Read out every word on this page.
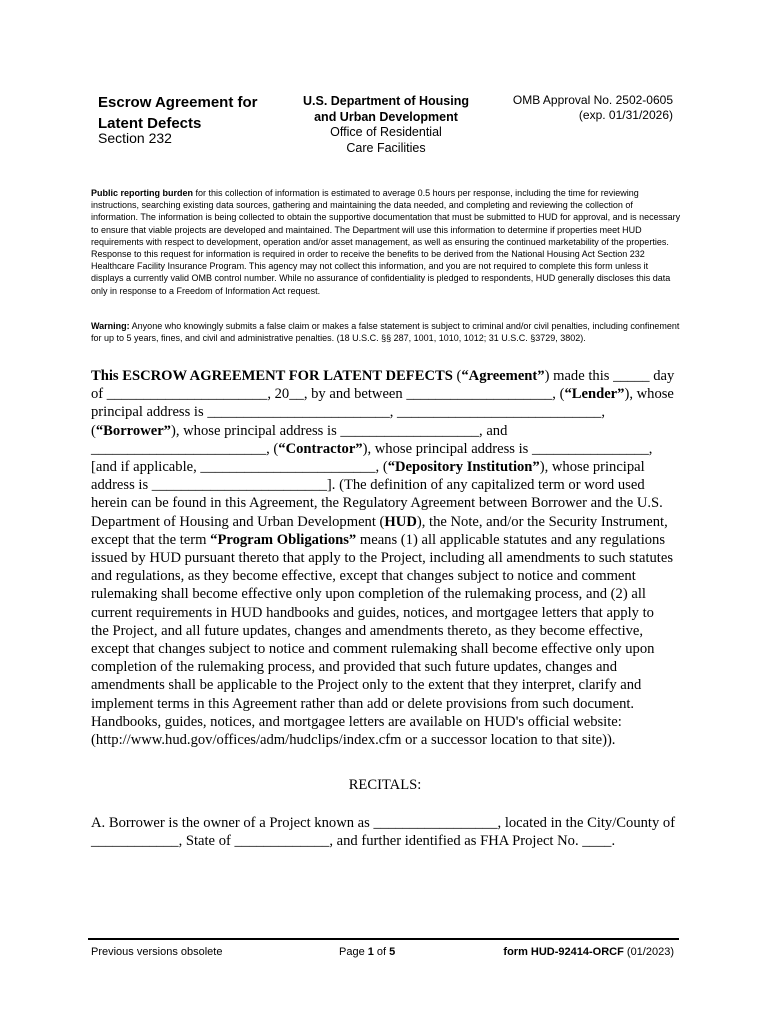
Escrow Agreement for Latent Defects
Section 232
U.S. Department of Housing
and Urban Development
Office of Residential
Care Facilities
OMB Approval No. 2502-0605
(exp. 01/31/2026)
Public reporting burden for this collection of information is estimated to average 0.5 hours per response, including the time for reviewing instructions, searching existing data sources, gathering and maintaining the data needed, and completing and reviewing the collection of information. The information is being collected to obtain the supportive documentation that must be submitted to HUD for approval, and is necessary to ensure that viable projects are developed and maintained. The Department will use this information to determine if properties meet HUD requirements with respect to development, operation and/or asset management, as well as ensuring the continued marketability of the properties. Response to this request for information is required in order to receive the benefits to be derived from the National Housing Act Section 232 Healthcare Facility Insurance Program. This agency may not collect this information, and you are not required to complete this form unless it displays a currently valid OMB control number. While no assurance of confidentiality is pledged to respondents, HUD generally discloses this data only in response to a Freedom of Information Act request.
Warning: Anyone who knowingly submits a false claim or makes a false statement is subject to criminal and/or civil penalties, including confinement for up to 5 years, fines, and civil and administrative penalties. (18 U.S.C. §§ 287, 1001, 1010, 1012; 31 U.S.C. §3729, 3802).
This ESCROW AGREEMENT FOR LATENT DEFECTS (“Agreement”) made this _____ day of ______________________, 20__, by and between ____________________, (“Lender”), whose principal address is _________________________, ____________________________, (“Borrower”), whose principal address is ___________________, and ________________________, (“Contractor”), whose principal address is ________________, [and if applicable, ________________________, (“Depository Institution”), whose principal address is ________________________]. (The definition of any capitalized term or word used herein can be found in this Agreement, the Regulatory Agreement between Borrower and the U.S. Department of Housing and Urban Development (HUD), the Note, and/or the Security Instrument, except that the term “Program Obligations” means (1) all applicable statutes and any regulations issued by HUD pursuant thereto that apply to the Project, including all amendments to such statutes and regulations, as they become effective, except that changes subject to notice and comment rulemaking shall become effective only upon completion of the rulemaking process, and (2) all current requirements in HUD handbooks and guides, notices, and mortgagee letters that apply to the Project, and all future updates, changes and amendments thereto, as they become effective, except that changes subject to notice and comment rulemaking shall become effective only upon completion of the rulemaking process, and provided that such future updates, changes and amendments shall be applicable to the Project only to the extent that they interpret, clarify and implement terms in this Agreement rather than add or delete provisions from such document. Handbooks, guides, notices, and mortgagee letters are available on HUD's official website: (http://www.hud.gov/offices/adm/hudclips/index.cfm or a successor location to that site)).
RECITALS:
A. Borrower is the owner of a Project known as _________________, located in the City/County of ____________, State of _____________, and further identified as FHA Project No. ____.
Previous versions obsolete	Page 1 of 5	form HUD-92414-ORCF (01/2023)
